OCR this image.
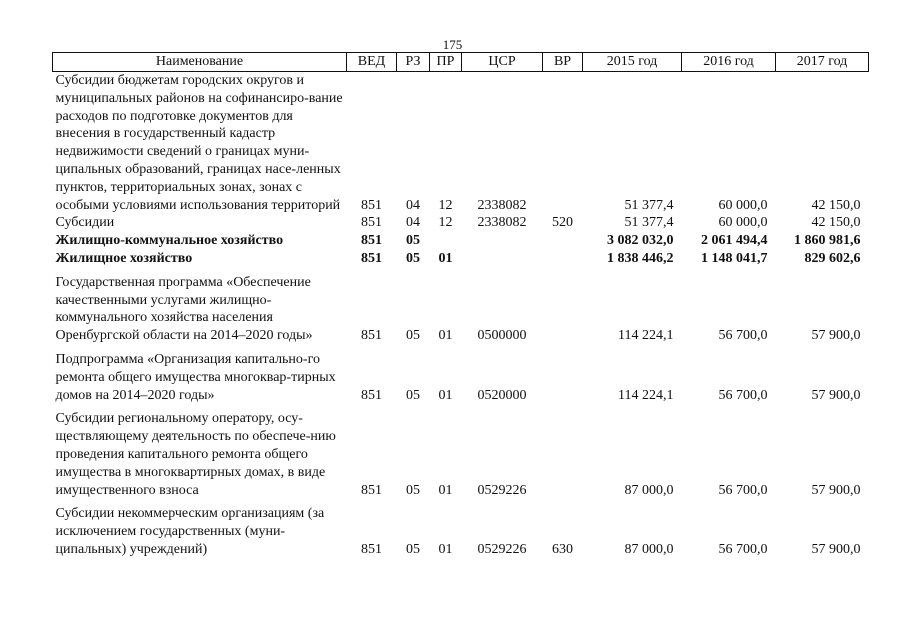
175
Наименование	ВЕД	РЗ	ПР	ЦСР	ВР	2015 год	2016 год	2017 год
Субсидии бюджетам городских округов и муниципальных районов на софинансиро-вание расходов по подготовке документов для внесения в государственный кадастр недвижимости сведений о границах муни-ципальных образований, границах насе-ленных пунктов, территориальных зонах, зонах с особыми условиями использования территорий	851	04	12	2338082		51 377,4	60 000,0	42 150,0
Субсидии	851	04	12	2338082	520	51 377,4	60 000,0	42 150,0
Жилищно-коммунальное хозяйство	851	05				3 082 032,0	2 061 494,4	1 860 981,6
Жилищное хозяйство	851	05	01			1 838 446,2	1 148 041,7	829 602,6
Государственная программа «Обеспечение качественными услугами жилищно-коммунального хозяйства населения Оренбургской области на 2014–2020 годы»	851	05	01	0500000		114 224,1	56 700,0	57 900,0
Подпрограмма «Организация капитально-го ремонта общего имущества многоквар-тирных домов на 2014–2020 годы»	851	05	01	0520000		114 224,1	56 700,0	57 900,0
Субсидии региональному оператору, осу-ществляющему деятельность по обеспече-нию проведения капитального ремонта общего имущества в многоквартирных домах, в виде имущественного взноса	851	05	01	0529226		87 000,0	56 700,0	57 900,0
Субсидии некоммерческим организациям (за исключением государственных (муни-ципальных) учреждений)	851	05	01	0529226	630	87 000,0	56 700,0	57 900,0
